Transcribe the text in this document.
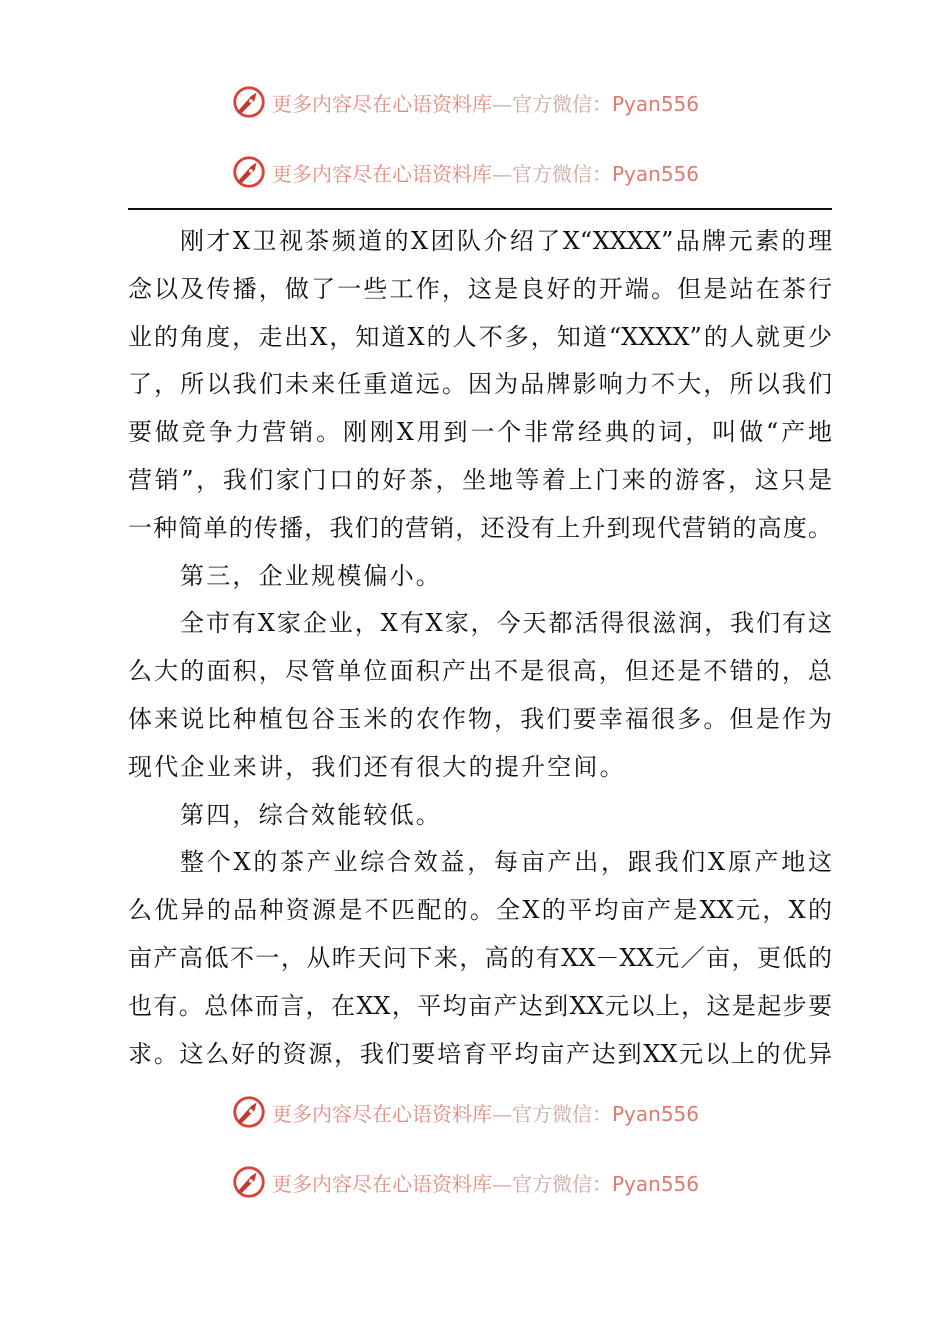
更多内容尽在心语资料库—官方微信：Pyan556
更多内容尽在心语资料库—官方微信：Pyan556
刚才X卫视茶频道的X团队介绍了X“XXXX”品牌元素的理
念以及传播，做了一些工作，这是良好的开端。但是站在茶行
业的角度，走出X，知道X的人不多，知道“XXXX”的人就更少
了，所以我们未来任重道远。因为品牌影响力不大，所以我们
要做竞争力营销。刚刚X用到一个非常经典的词，叫做“产地
营销”，我们家门口的好茶，坐地等着上门来的游客，这只是
一种简单的传播，我们的营销，还没有上升到现代营销的高度。
第三，企业规模偏小。
全市有X家企业，X有X家，今天都活得很滋润，我们有这
么大的面积，尽管单位面积产出不是很高，但还是不错的，总
体来说比种植包谷玉米的农作物，我们要幸福很多。但是作为
现代企业来讲，我们还有很大的提升空间。
第四，综合效能较低。
整个X的茶产业综合效益，每亩产出，跟我们X原产地这
么优异的品种资源是不匹配的。全X的平均亩产是XX元，X的
亩产高低不一，从昨天问下来，高的有XX－XX元／亩，更低的
也有。总体而言，在XX，平均亩产达到XX元以上，这是起步要
求。这么好的资源，我们要培育平均亩产达到XX元以上的优异
更多内容尽在心语资料库—官方微信：Pyan556
更多内容尽在心语资料库—官方微信：Pyan556
